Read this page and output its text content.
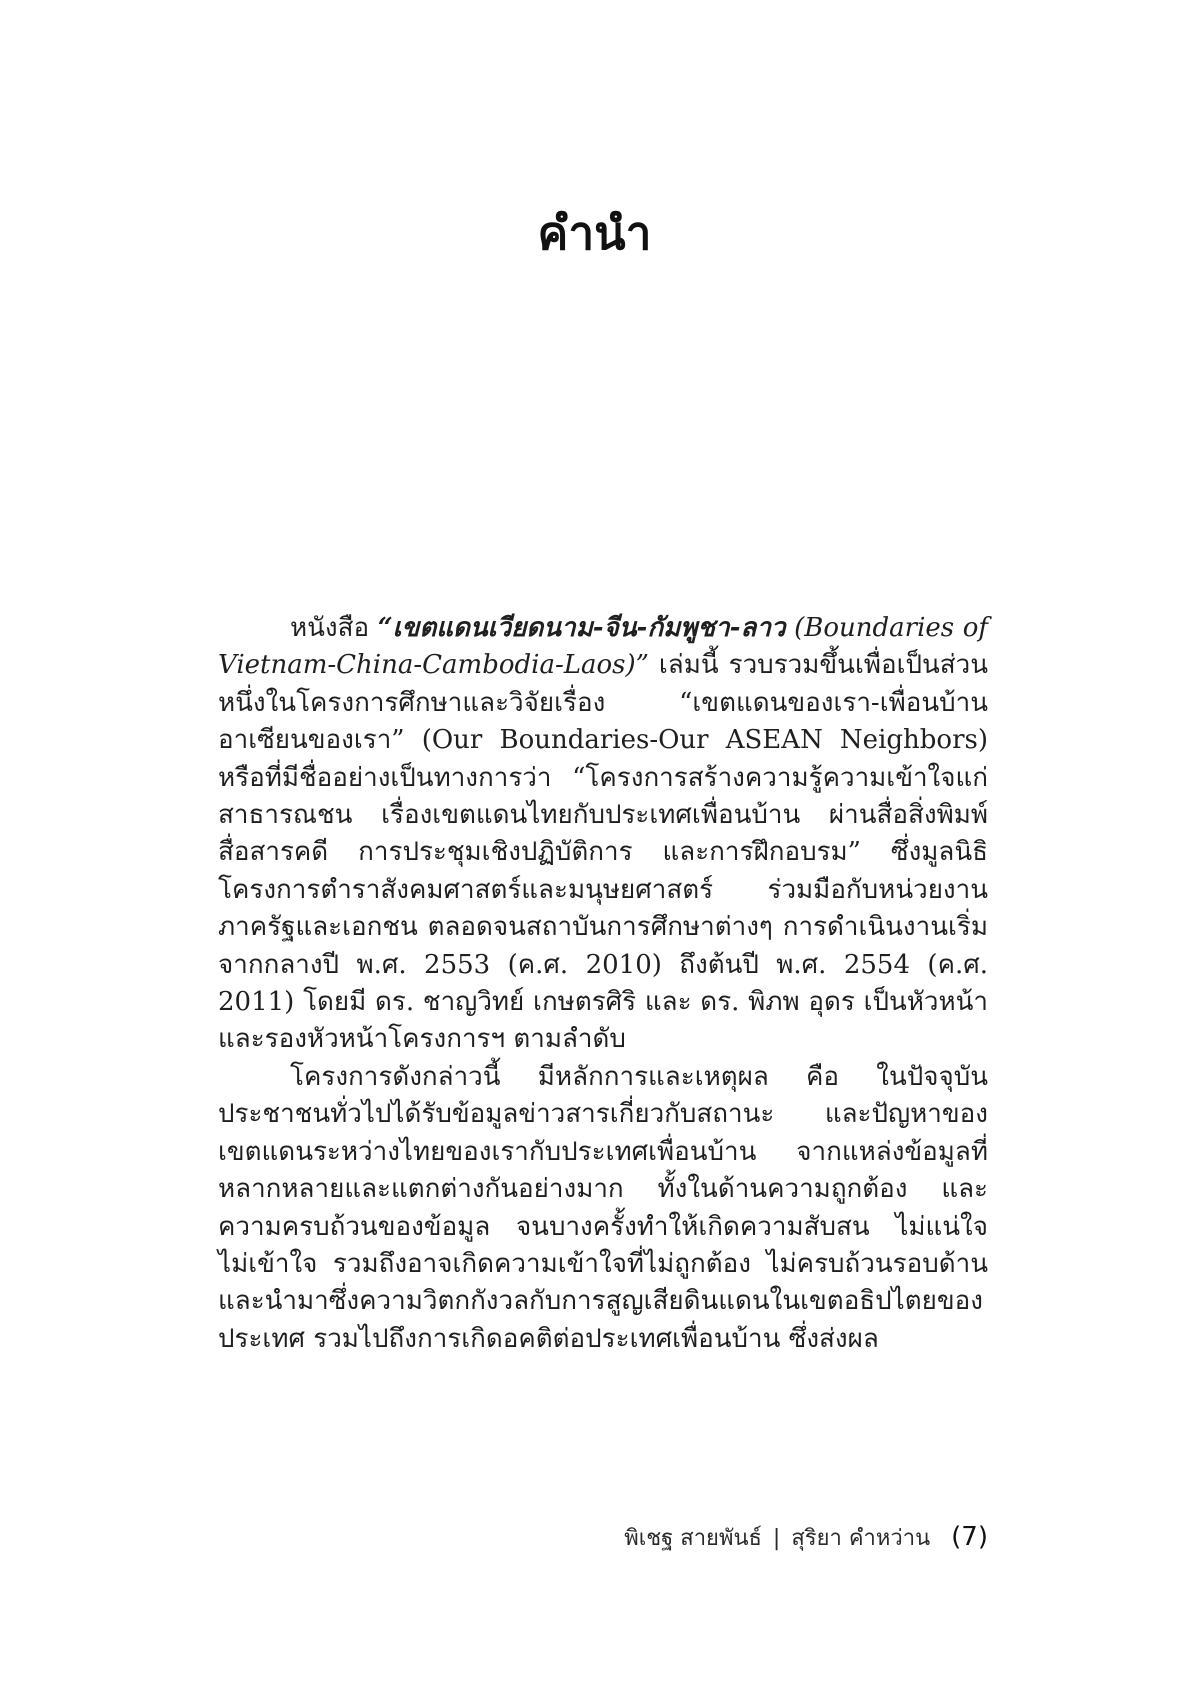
คำนำ

หนังสือ “เขตแดนเวียดนาม-จีน-กัมพูชา-ลาว (Boundaries of Vietnam-China-Cambodia-Laos)” เล่มนี้ รวบรวมขึ้นเพื่อเป็นส่วนหนึ่งในโครงการศึกษาและวิจัยเรื่อง “เขตแดนของเรา-เพื่อนบ้านอาเซียนของเรา” (Our Boundaries-Our ASEAN Neighbors) หรือที่มีชื่ออย่างเป็นทางการว่า “โครงการสร้างความรู้ความเข้าใจแก่สาธารณชน เรื่องเขตแดนไทยกับประเทศเพื่อนบ้าน ผ่านสื่อสิ่งพิมพ์ สื่อสารคดี การประชุมเชิงปฏิบัติการ และการฝึกอบรม” ซึ่งมูลนิธิโครงการตำราสังคมศาสตร์และมนุษยศาสตร์ ร่วมมือกับหน่วยงานภาครัฐและเอกชน ตลอดจนสถาบันการศึกษาต่างๆ การดำเนินงานเริ่มจากกลางปี พ.ศ. 2553 (ค.ศ. 2010) ถึงต้นปี พ.ศ. 2554 (ค.ศ. 2011) โดยมี ดร. ชาญวิทย์ เกษตรศิริ และ ดร. พิภพ อุดร เป็นหัวหน้าและรองหัวหน้าโครงการฯ ตามลำดับ

โครงการดังกล่าวนี้ มีหลักการและเหตุผล คือ ในปัจจุบันประชาชนทั่วไปได้รับข้อมูลข่าวสารเกี่ยวกับสถานะ และปัญหาของเขตแดนระหว่างไทยของเรากับประเทศเพื่อนบ้าน จากแหล่งข้อมูลที่หลากหลายและแตกต่างกันอย่างมาก ทั้งในด้านความถูกต้อง และความครบถ้วนของข้อมูล จนบางครั้งทำให้เกิดความสับสน ไม่แน่ใจ ไม่เข้าใจ รวมถึงอาจเกิดความเข้าใจที่ไม่ถูกต้อง ไม่ครบถ้วนรอบด้าน และนำมาซึ่งความวิตกกังวลกับการสูญเสียดินแดนในเขตอธิปไตยของประเทศ รวมไปถึงการเกิดอคติต่อประเทศเพื่อนบ้าน ซึ่งส่งผล

พิเชฐ สายพันธ์ | สุริยา คำหว่าน (7)
